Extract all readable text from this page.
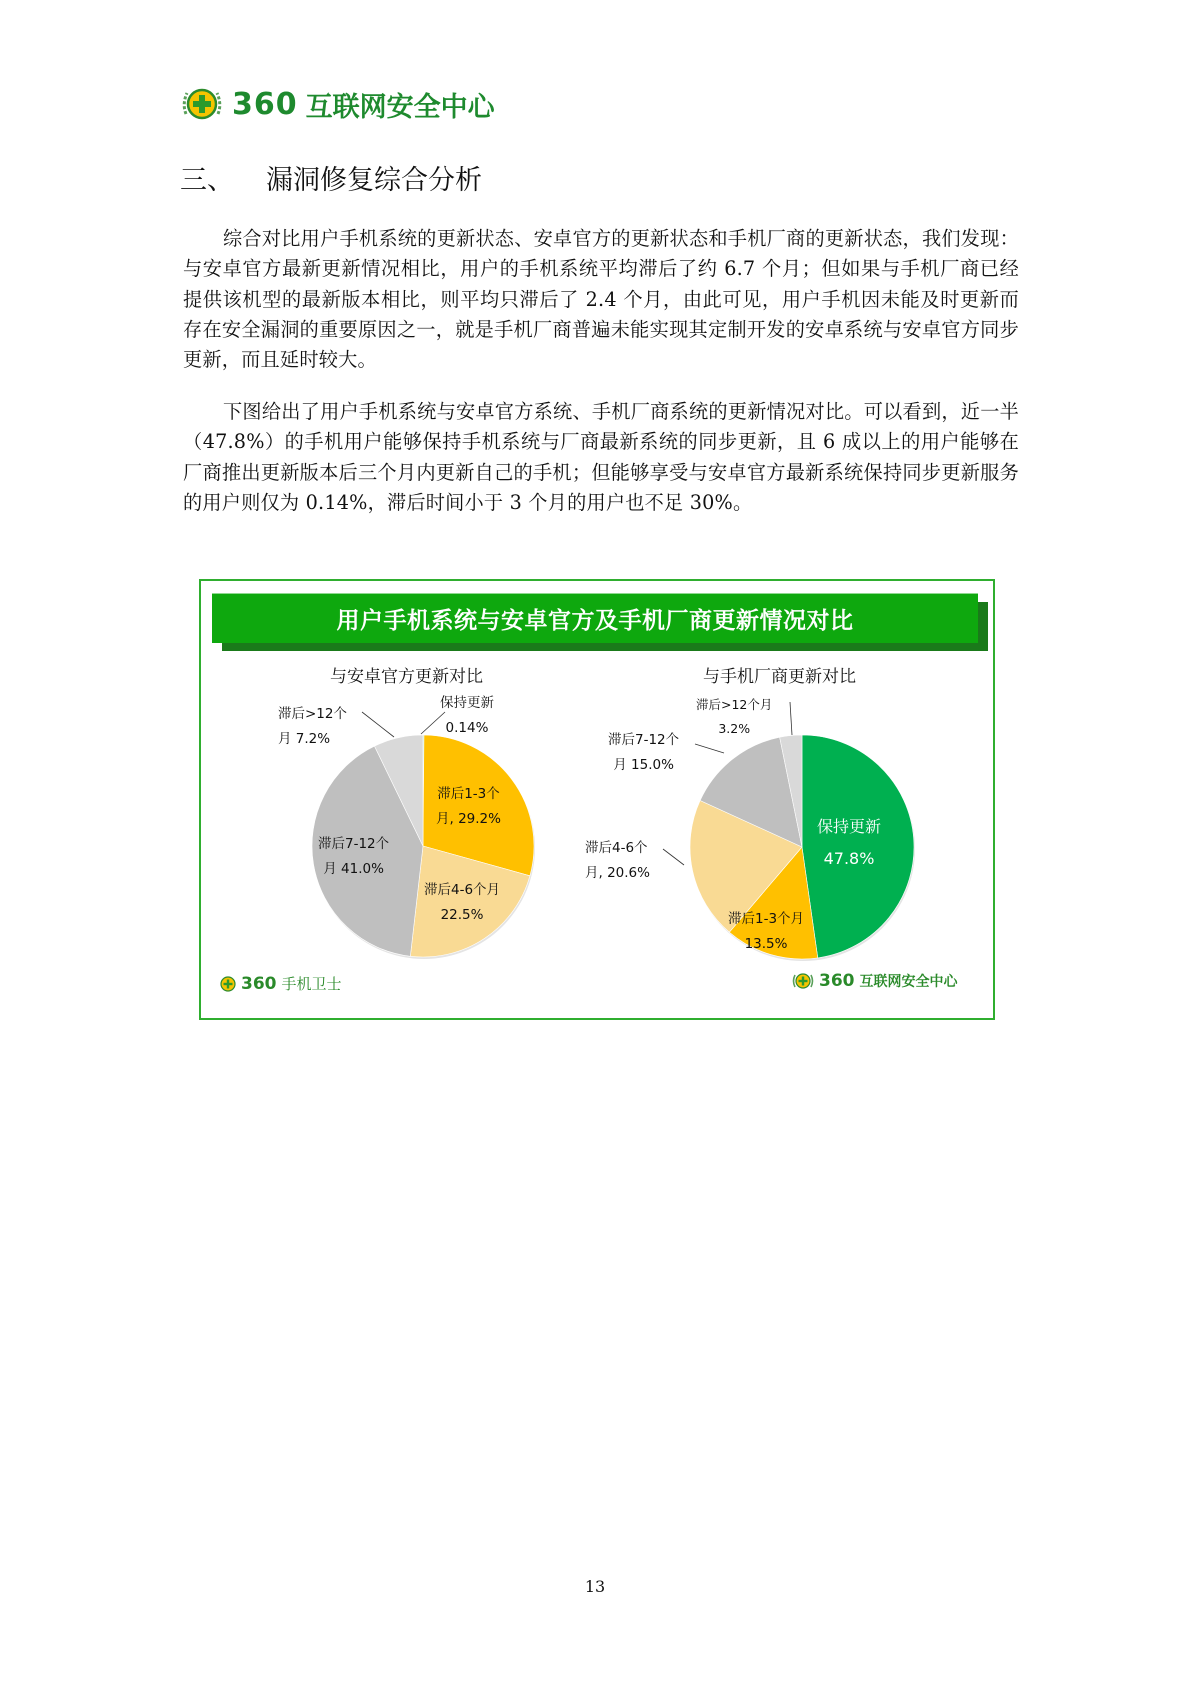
360 互联网安全中心
三、	漏洞修复综合分析

综合对比用户手机系统的更新状态、安卓官方的更新状态和手机厂商的更新状态，我们发现：与安卓官方最新更新情况相比，用户的手机系统平均滞后了约 6.7 个月；但如果与手机厂商已经提供该机型的最新版本相比，则平均只滞后了 2.4 个月，由此可见，用户手机因未能及时更新而存在安全漏洞的重要原因之一，就是手机厂商普遍未能实现其定制开发的安卓系统与安卓官方同步更新，而且延时较大。

下图给出了用户手机系统与安卓官方系统、手机厂商系统的更新情况对比。可以看到，近一半（47.8%）的手机用户能够保持手机系统与厂商最新系统的同步更新，且 6 成以上的用户能够在厂商推出更新版本后三个月内更新自己的手机；但能够享受与安卓官方最新系统保持同步更新服务的用户则仅为 0.14%，滞后时间小于 3 个月的用户也不足 30%。

用户手机系统与安卓官方及手机厂商更新情况对比
与安卓官方更新对比
保持更新
0.14%
滞后>12个
月 7.2%
滞后1-3个
月, 29.2%
滞后7-12个
月 41.0%
滞后4-6个月
22.5%
与手机厂商更新对比
滞后>12个月
3.2%
滞后7-12个
月 15.0%
滞后4-6个
月, 20.6%
保持更新
47.8%
滞后1-3个月
13.5%
360 手机卫士	360 互联网安全中心
13
